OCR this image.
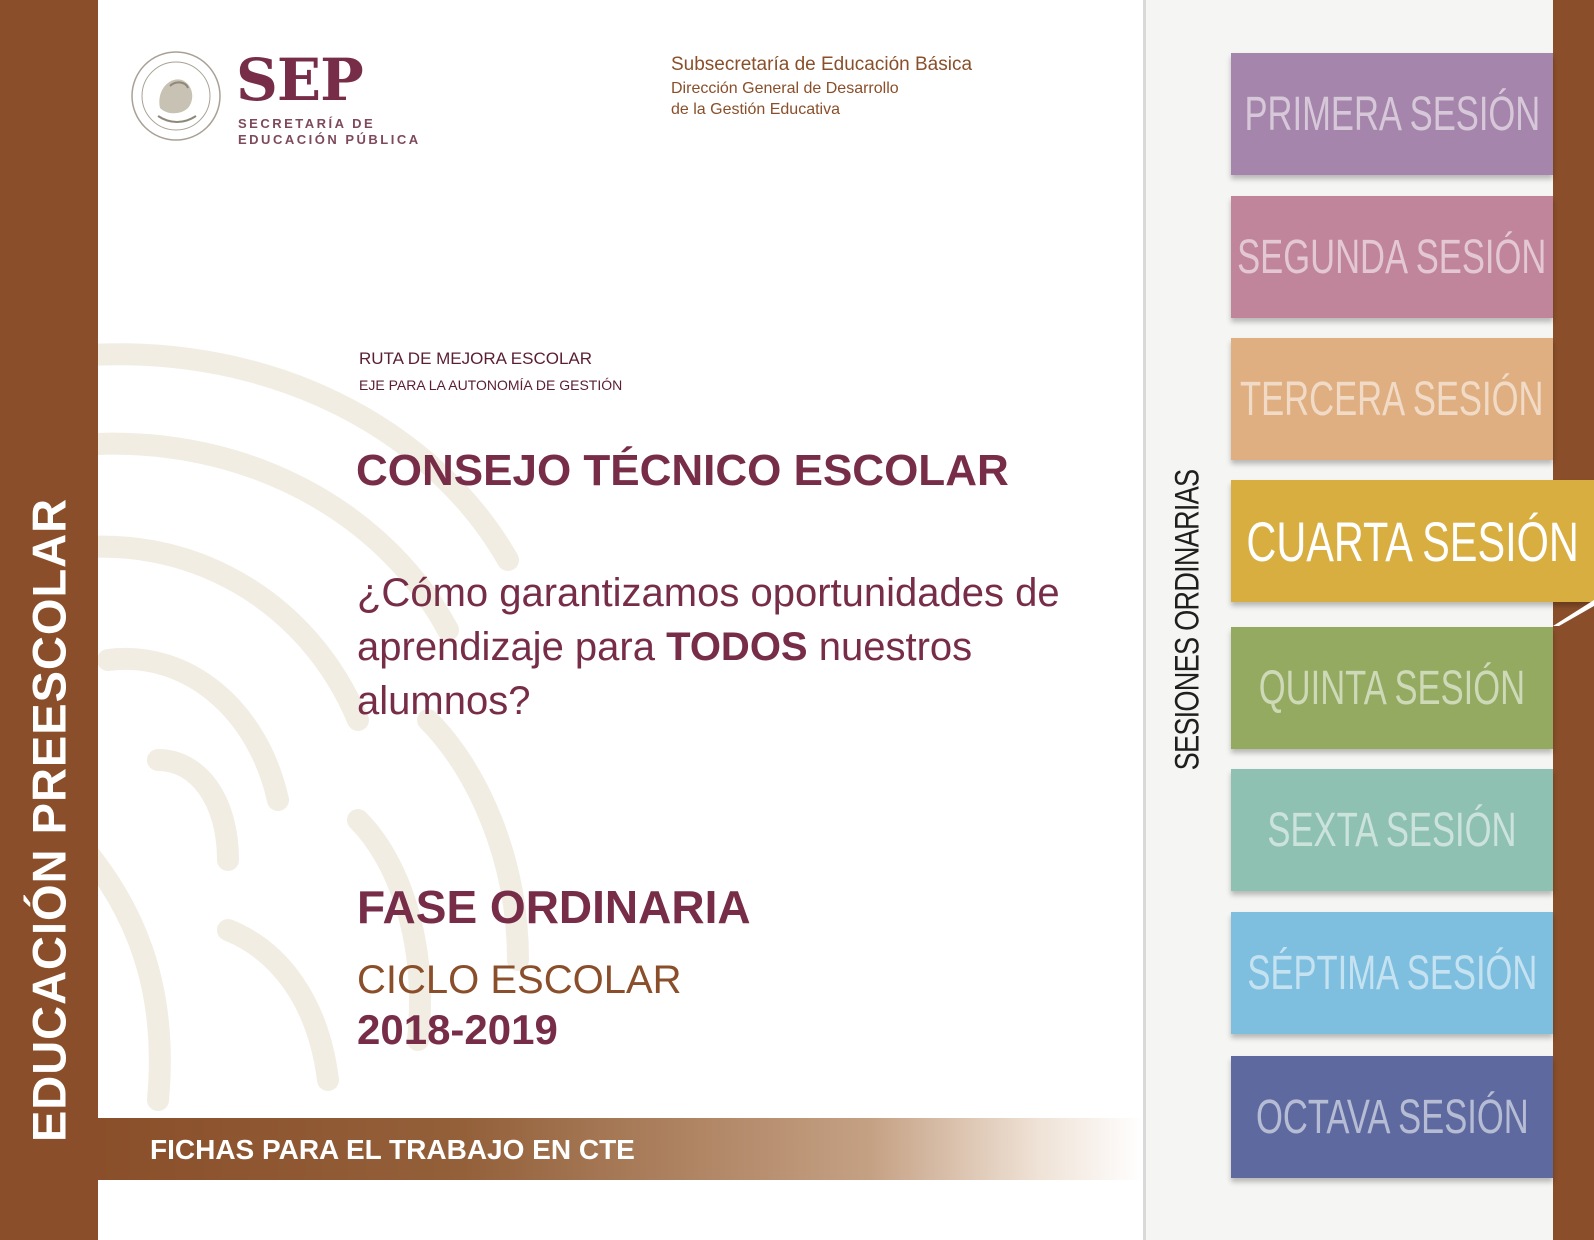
EDUCACIÓN PREESCOLAR
SEP
SECRETARÍA DE EDUCACIÓN PÚBLICA
Subsecretaría de Educación Básica
Dirección General de Desarrollo
de la Gestión Educativa
RUTA DE MEJORA ESCOLAR
EJE PARA LA AUTONOMÍA DE GESTIÓN
CONSEJO TÉCNICO ESCOLAR
¿Cómo garantizamos oportunidades de aprendizaje para TODOS nuestros alumnos?
FASE ORDINARIA
CICLO ESCOLAR
2018-2019
FICHAS PARA EL TRABAJO EN CTE
SESIONES ORDINARIAS
PRIMERA SESIÓN
SEGUNDA SESIÓN
TERCERA SESIÓN
CUARTA SESIÓN
QUINTA SESIÓN
SEXTA SESIÓN
SÉPTIMA SESIÓN
OCTAVA SESIÓN
